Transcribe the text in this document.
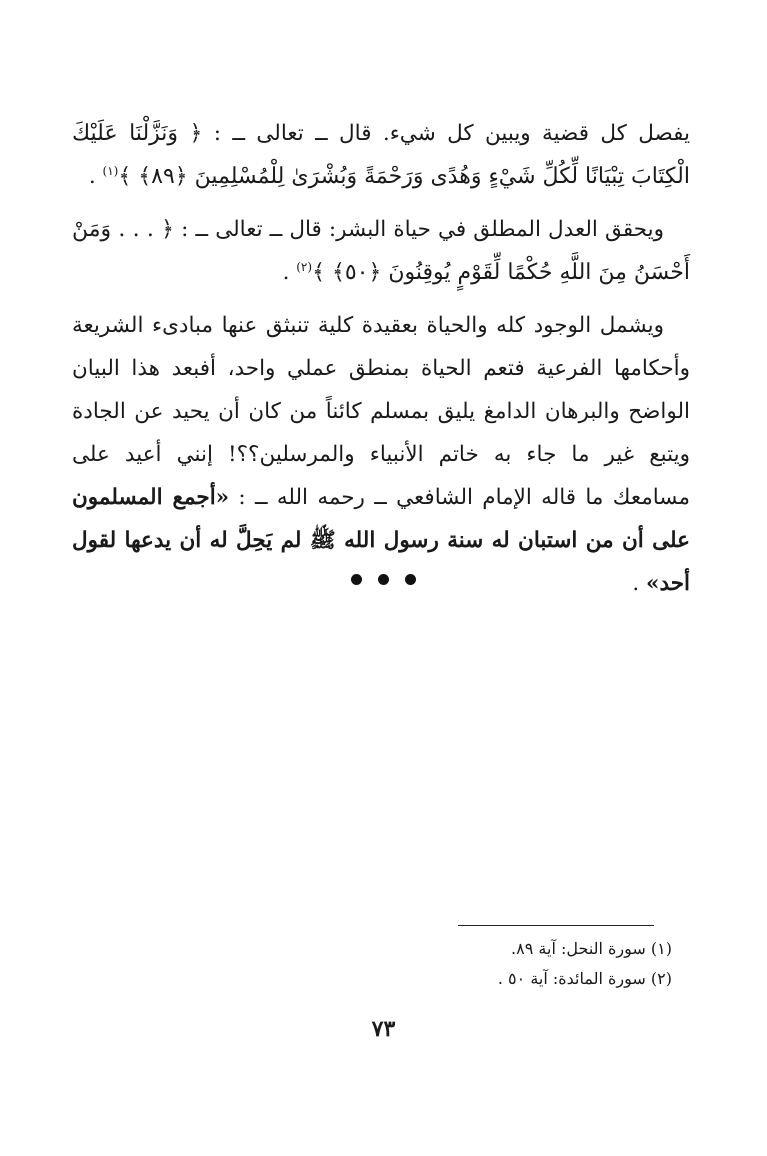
يفصل كل قضية ويبين كل شيء. قال ــ تعالى ــ : ﴿ وَنَزَّلْنَا عَلَيْكَ الْكِتَابَ تِبْيَانًا لِّكُلِّ شَيْءٍ وَهُدًى وَرَحْمَةً وَبُشْرَىٰ لِلْمُسْلِمِينَ ﴿٨٩﴾ ﴾$^{(١)}$ .

ويحقق العدل المطلق في حياة البشر: قال ــ تعالى ــ : ﴿ . . . وَمَنْ أَحْسَنُ مِنَ اللَّهِ حُكْمًا لِّقَوْمٍ يُوقِنُونَ ﴿٥٠﴾ ﴾$^{(٢)}$ .

ويشمل الوجود كله والحياة بعقيدة كلية تنبثق عنها مبادىء الشريعة وأحكامها الفرعية فتعم الحياة بمنطق عملي واحد، أفبعد هذا البيان الواضح والبرهان الدامغ يليق بمسلم كائناً من كان أن يحيد عن الجادة ويتبع غير ما جاء به خاتم الأنبياء والمرسلين؟؟! إنني أعيد على مسامعك ما قاله الإمام الشافعي ــ رحمه الله ــ : «أجمع المسلمون على أن من استبان له سنة رسول الله ﷺ لم يَحِلَّ له أن يدعها لقول أحد» .

(١) سورة النحل: آية ٨٩.
(٢) سورة المائدة: آية ٥٠ .
٧٣
